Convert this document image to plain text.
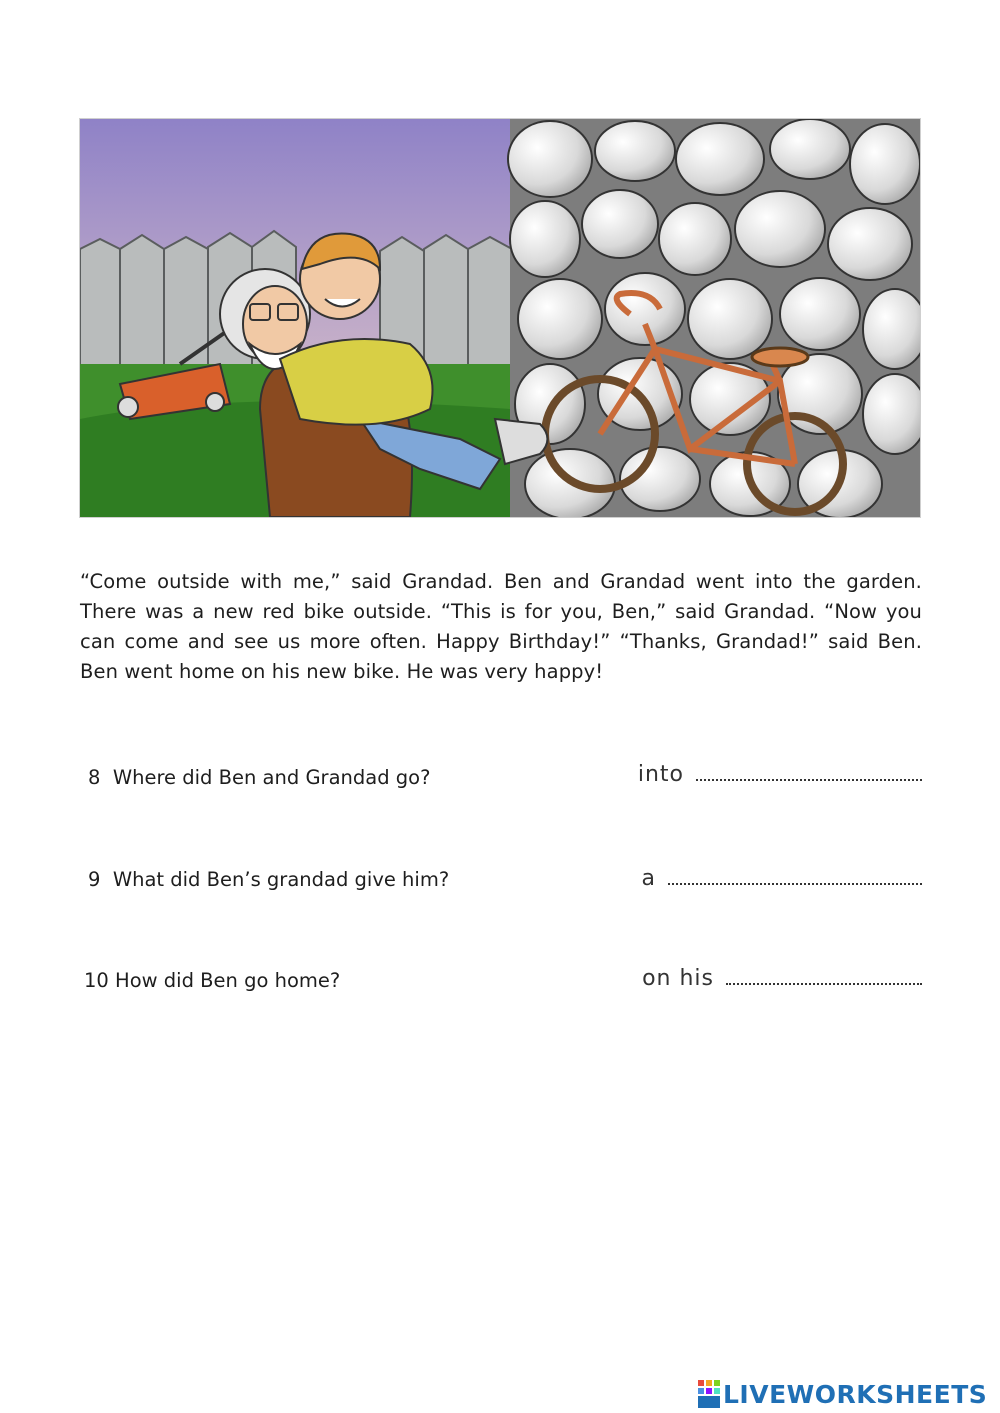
“Come outside with me,” said Grandad. Ben and Grandad went into the garden. There was a new red bike outside. “This is for you, Ben,” said Grandad. “Now you can come and see us more often. Happy Birthday!” “Thanks, Grandad!” said Ben. Ben went home on his new bike. He was very happy!

8 Where did Ben and Grandad go?	into
9 What did Ben’s grandad give him?	a
10 How did Ben go home?	on his
LIVEWORKSHEETS
